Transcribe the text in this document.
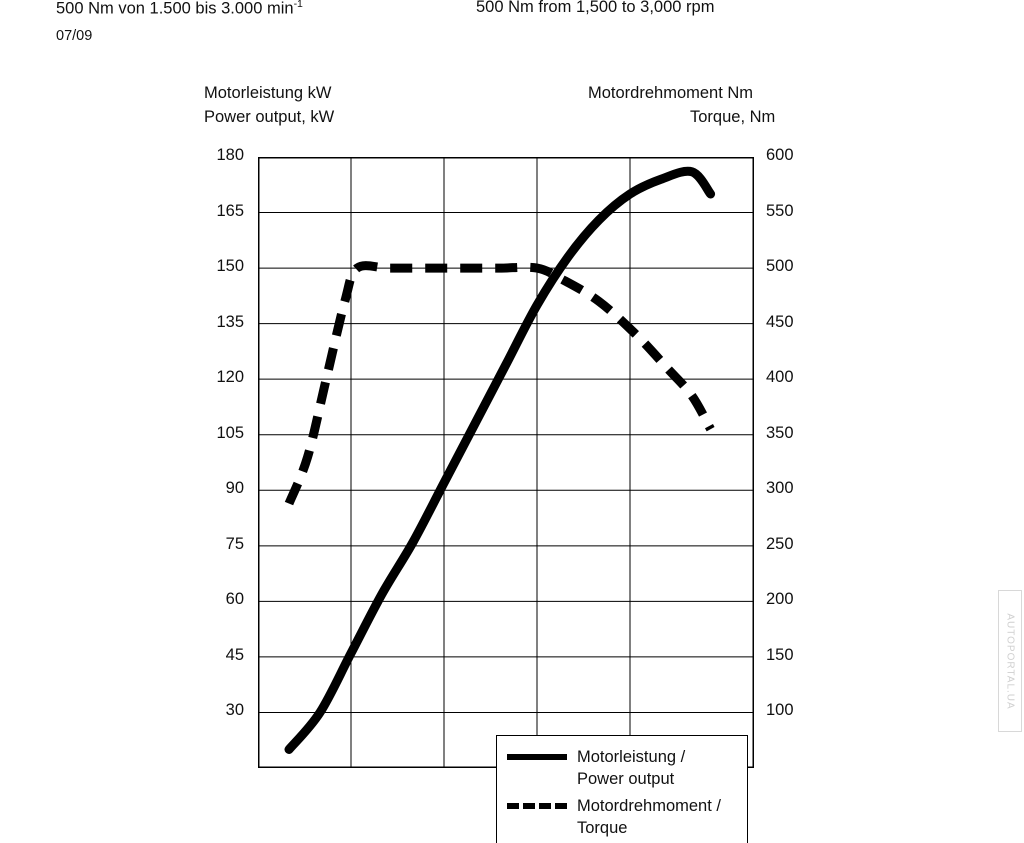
500 Nm von 1.500 bis 3.000 $\min^{-1}$	500 Nm from 1,500 to 3,000 rpm
07/09
Motorleistung kW
Power output, kW
Motordrehmoment Nm
Torque, Nm
180
165
150
135
120
105
90
75
60
45
30
600
550
500
450
400
350
300
250
200
150
100
Motorleistung /
Power output
Motordrehmoment /
Torque
AUTOPORTAL.UA
